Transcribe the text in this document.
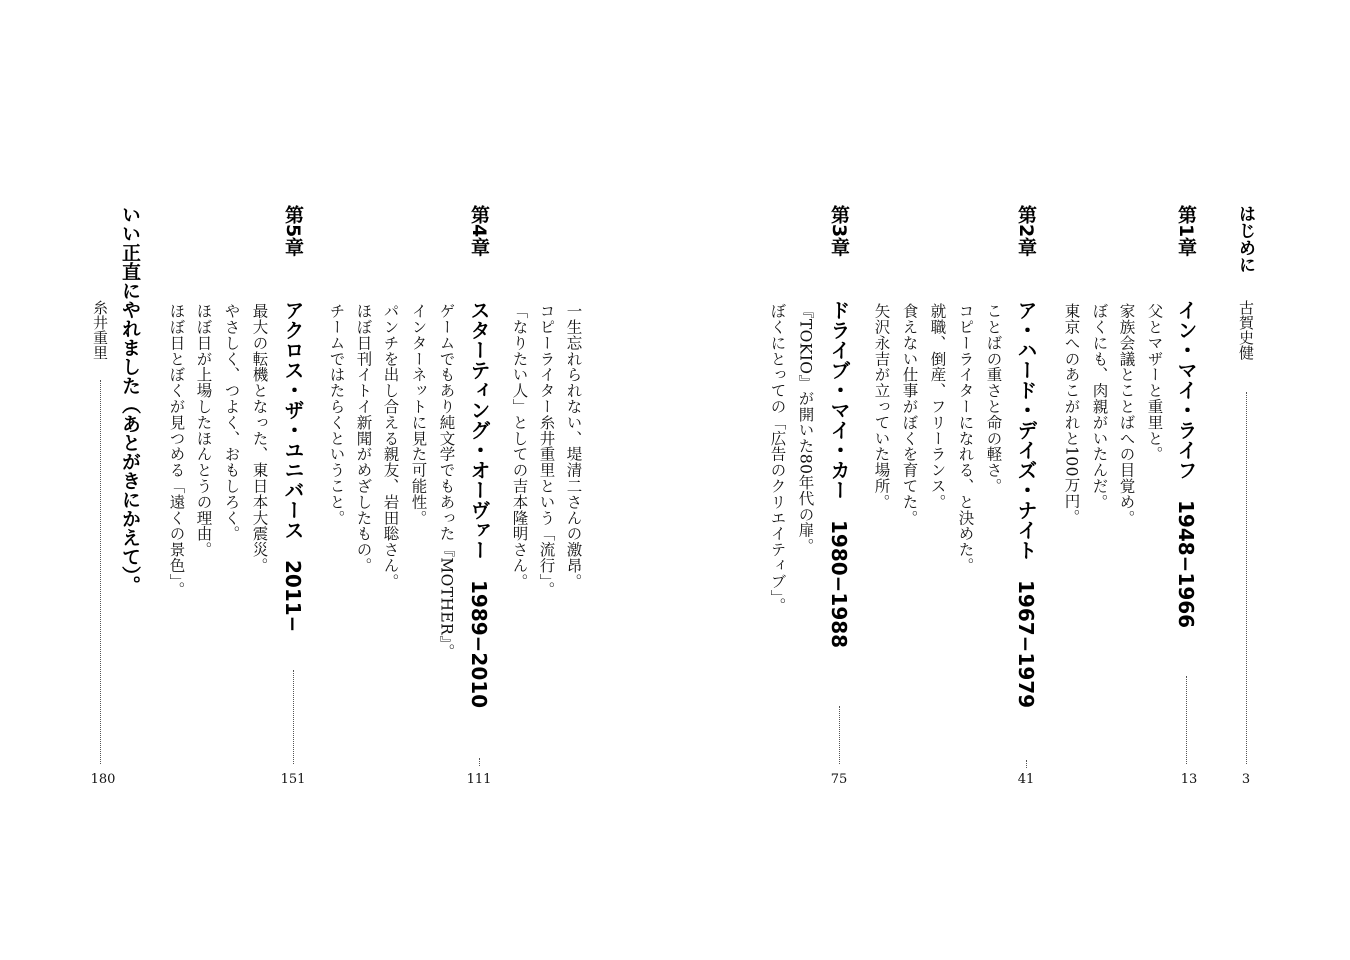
はじめに
古賀史健
3
第1章
イン・マイ・ライフ　1948−1966
13
父とマザーと重里と。
家族会議とことばへの目覚め。
ぼくにも、肉親がいたんだ。
東京へのあこがれと100万円。
第2章
ア・ハード・デイズ・ナイト　1967−1979
41
ことばの重さと命の軽さ。
コピーライターになれる、と決めた。
就職、倒産、フリーランス。
食えない仕事がぼくを育てた。
矢沢永吉が立っていた場所。
第3章
ドライブ・マイ・カー　1980−1988
75
『TOKIO』が開いた80年代の扉。
ぼくにとっての「広告のクリエイティブ」。
第4章
スターティング・オーヴァー　1989−2010
111
一生忘れられない、堤清二さんの激昂。
コピーライター糸井重里という「流行」。
「なりたい人」としての吉本隆明さん。
ゲームでもあり純文学でもあった『MOTHER』。
インターネットに見た可能性。
パンチを出し合える親友、岩田聡さん。
ほぼ日刊イトイ新聞がめざしたもの。
チームではたらくということ。
第5章
アクロス・ザ・ユニバース　2011−
151
最大の転機となった、東日本大震災。
やさしく、つよく、おもしろく。
ほぼ日が上場したほんとうの理由。
ほぼ日とぼくが見つめる「遠くの景色」。
いい正直にやれました（あとがきにかえて）。
糸井重里
180
